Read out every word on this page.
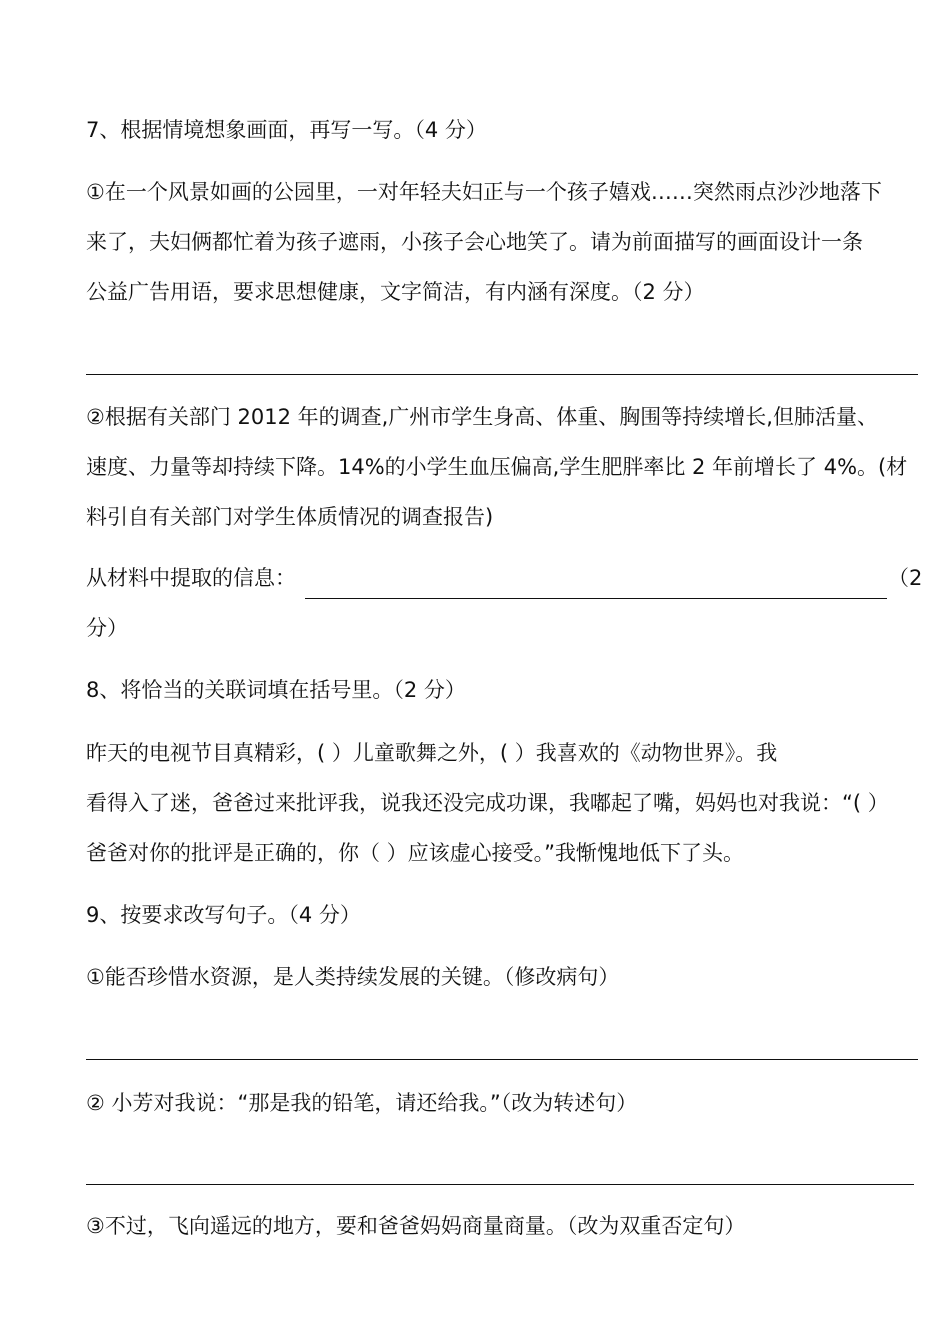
7、根据情境想象画面，再写一写。（4 分）
①在一个风景如画的公园里，一对年轻夫妇正与一个孩子嬉戏……突然雨点沙沙地落下
来了，夫妇俩都忙着为孩子遮雨，小孩子会心地笑了。请为前面描写的画面设计一条
公益广告用语，要求思想健康，文字简洁，有内涵有深度。（2 分）
②根据有关部门 2012 年的调查,广州市学生身高、体重、胸围等持续增长,但肺活量、
速度、力量等却持续下降。14%的小学生血压偏高,学生肥胖率比 2 年前增长了 4%。(材
料引自有关部门对学生体质情况的调查报告)
从材料中提取的信息：	（2
分）
8、将恰当的关联词填在括号里。（2 分）
昨天的电视节目真精彩，( ）儿童歌舞之外，( ）我喜欢的《动物世界》。我
看得入了迷，爸爸过来批评我，说我还没完成功课，我嘟起了嘴，妈妈也对我说：“( ）
爸爸对你的批评是正确的，你（ ）应该虚心接受。”我惭愧地低下了头。
9、按要求改写句子。（4 分）
①能否珍惜水资源，是人类持续发展的关键。（修改病句）
② 小芳对我说：“那是我的铅笔，请还给我。”（改为转述句）
③不过，飞向遥远的地方，要和爸爸妈妈商量商量。（改为双重否定句）
